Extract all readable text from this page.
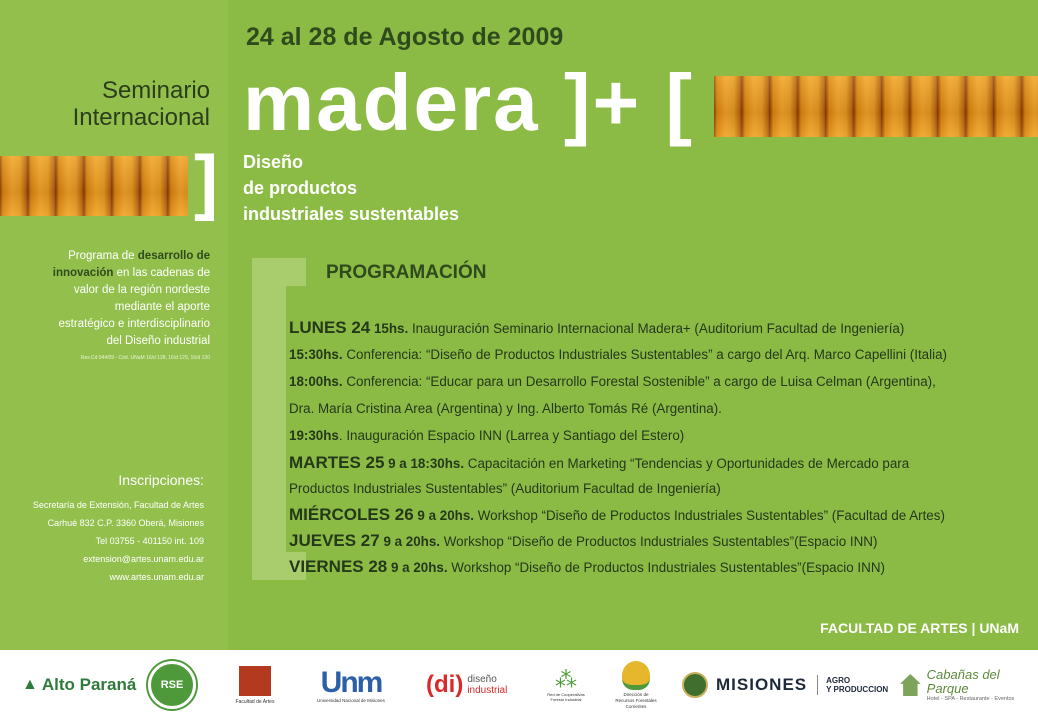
24 al 28 de Agosto de 2009
Seminario
Internacional madera ]+ [
] Diseño
de productos
industriales sustentables
Programa de desarrollo de
innovación en las cadenas de
valor de la región nordeste
mediante el aporte
estratégico e interdisciplinario
del Diseño industrial
Res.Cd 044/09 - Cód. UNaM 16/d 128, 16/d 129, 16/d 130
Inscripciones:
Secretaría de Extensión, Facultad de Artes
Carhué 832 C.P. 3360 Oberá, Misiones
Tel 03755 - 401150 int. 109
extension@artes.unam.edu.ar
www.artes.unam.edu.ar
PROGRAMACIÓN
LUNES 24 15hs. Inauguración Seminario Internacional Madera+ (Auditorium Facultad de Ingeniería)
15:30hs. Conferencia: “Diseño de Productos Industriales Sustentables” a cargo del Arq. Marco Capellini (Italia)
18:00hs. Conferencia: “Educar para un Desarrollo Forestal Sostenible” a cargo de Luisa Celman (Argentina),
Dra. María Cristina Area (Argentina) y Ing. Alberto Tomás Ré (Argentina).
19:30hs. Inauguración Espacio INN (Larrea y Santiago del Estero)
MARTES 25 9 a 18:30hs. Capacitación en Marketing “Tendencias y Oportunidades de Mercado para
Productos Industriales Sustentables” (Auditorium Facultad de Ingeniería)
MIÉRCOLES 26 9 a 20hs. Workshop “Diseño de Productos Industriales Sustentables” (Facultad de Artes)
JUEVES 27 9 a 20hs. Workshop “Diseño de Productos Industriales Sustentables”(Espacio INN)
VIERNES 28 9 a 20hs. Workshop “Diseño de Productos Industriales Sustentables”(Espacio INN)
FACULTAD DE ARTES | UNaM
▲ Alto Paraná	RSE
Facultad de Artes
Unm
Universidad Nacional de Misiones
(di) diseño
industrial ⁂
Red de Cooperativas Foresto Industrial
Dirección de
Recursos Forestales
Corrientes
MISIONES	AGRO
Y PRODUCCION
Cabañas del Parque
Hotel - SPA - Restaurante - Eventos
